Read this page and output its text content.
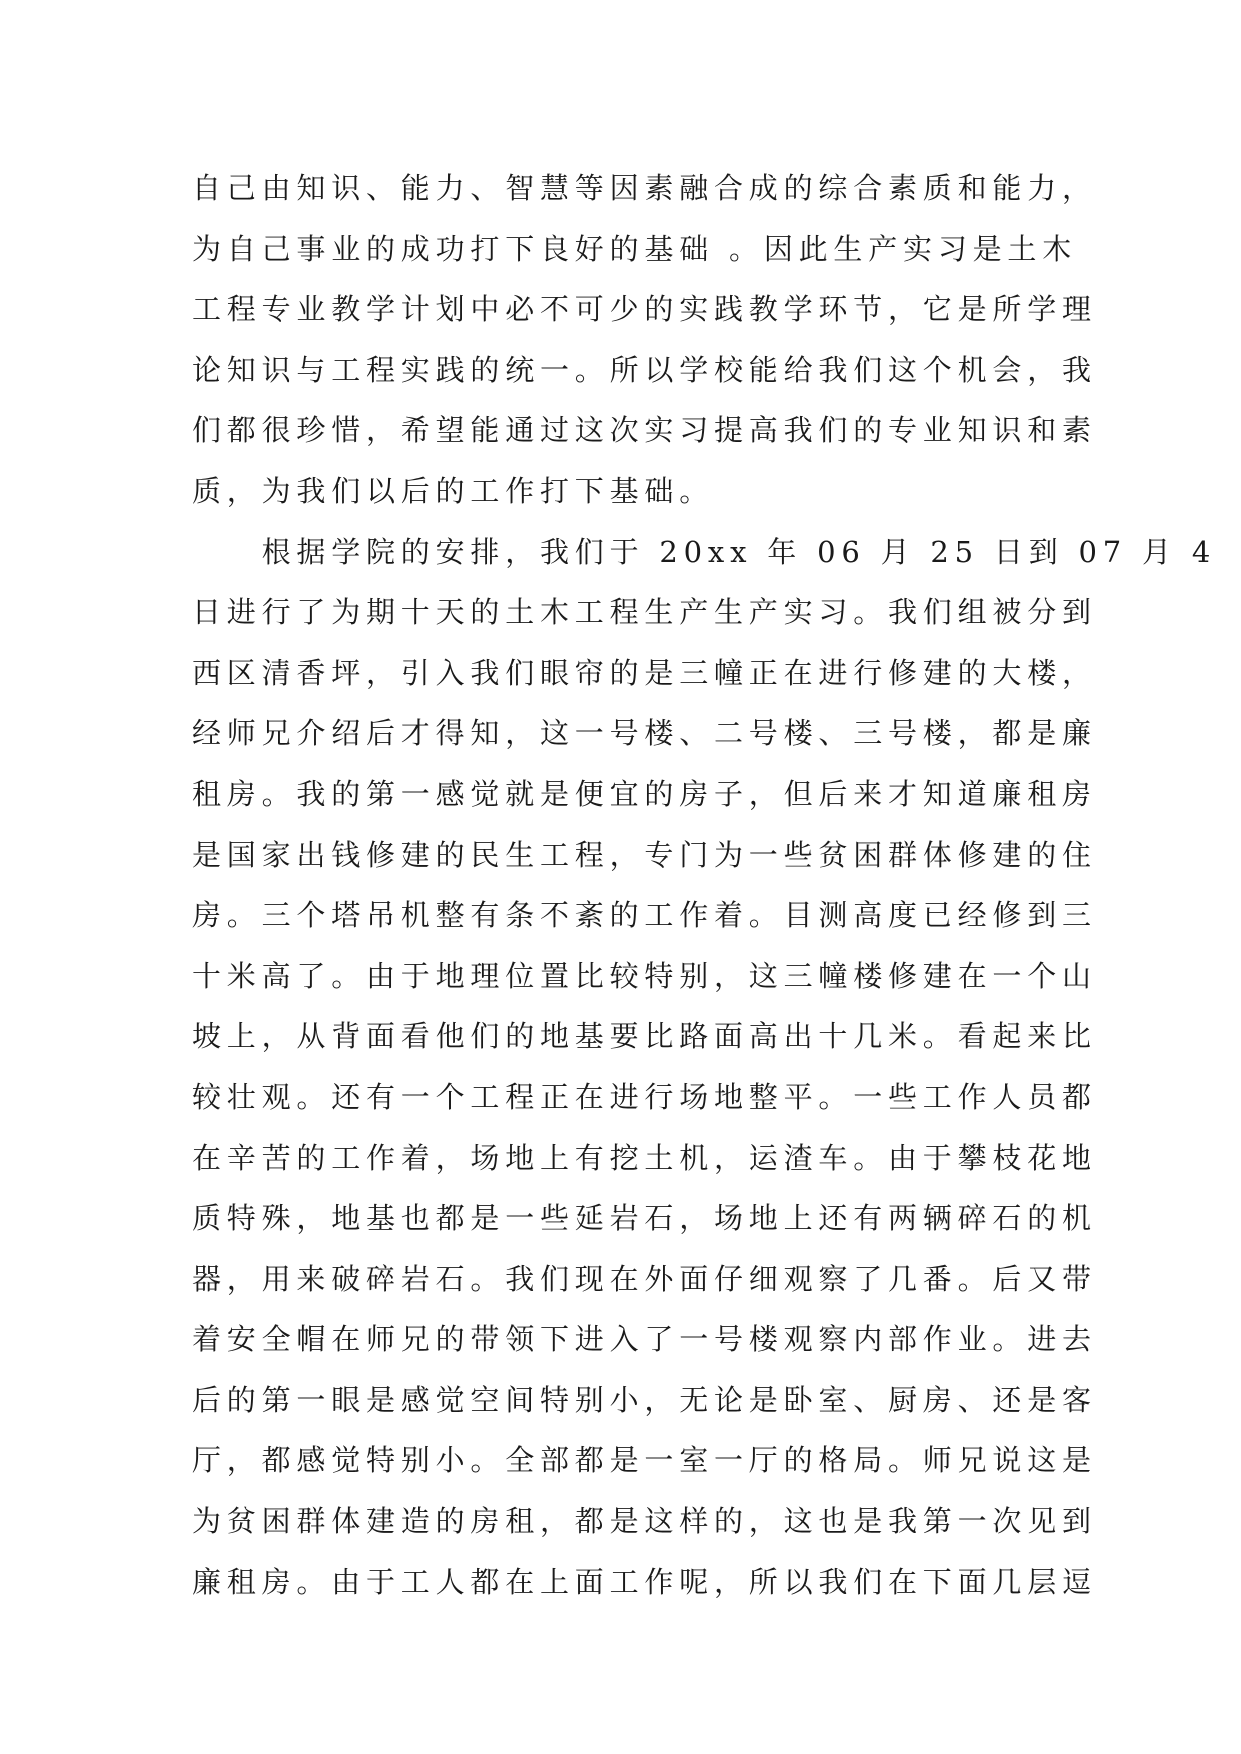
自己由知识、能力、智慧等因素融合成的综合素质和能力，
为自己事业的成功打下良好的基础 。因此生产实习是土木
工程专业教学计划中必不可少的实践教学环节，它是所学理
论知识与工程实践的统一。所以学校能给我们这个机会，我
们都很珍惜，希望能通过这次实习提高我们的专业知识和素
质，为我们以后的工作打下基础。
　　根据学院的安排，我们于 20xx 年 06 月 25 日到 07 月 4
日进行了为期十天的土木工程生产生产实习。我们组被分到
西区清香坪，引入我们眼帘的是三幢正在进行修建的大楼，
经师兄介绍后才得知，这一号楼、二号楼、三号楼，都是廉
租房。我的第一感觉就是便宜的房子，但后来才知道廉租房
是国家出钱修建的民生工程，专门为一些贫困群体修建的住
房。三个塔吊机整有条不紊的工作着。目测高度已经修到三
十米高了。由于地理位置比较特别，这三幢楼修建在一个山
坡上，从背面看他们的地基要比路面高出十几米。看起来比
较壮观。还有一个工程正在进行场地整平。一些工作人员都
在辛苦的工作着，场地上有挖土机，运渣车。由于攀枝花地
质特殊，地基也都是一些延岩石，场地上还有两辆碎石的机
器，用来破碎岩石。我们现在外面仔细观察了几番。后又带
着安全帽在师兄的带领下进入了一号楼观察内部作业。进去
后的第一眼是感觉空间特别小，无论是卧室、厨房、还是客
厅，都感觉特别小。全部都是一室一厅的格局。师兄说这是
为贫困群体建造的房租，都是这样的，这也是我第一次见到
廉租房。由于工人都在上面工作呢，所以我们在下面几层逗
